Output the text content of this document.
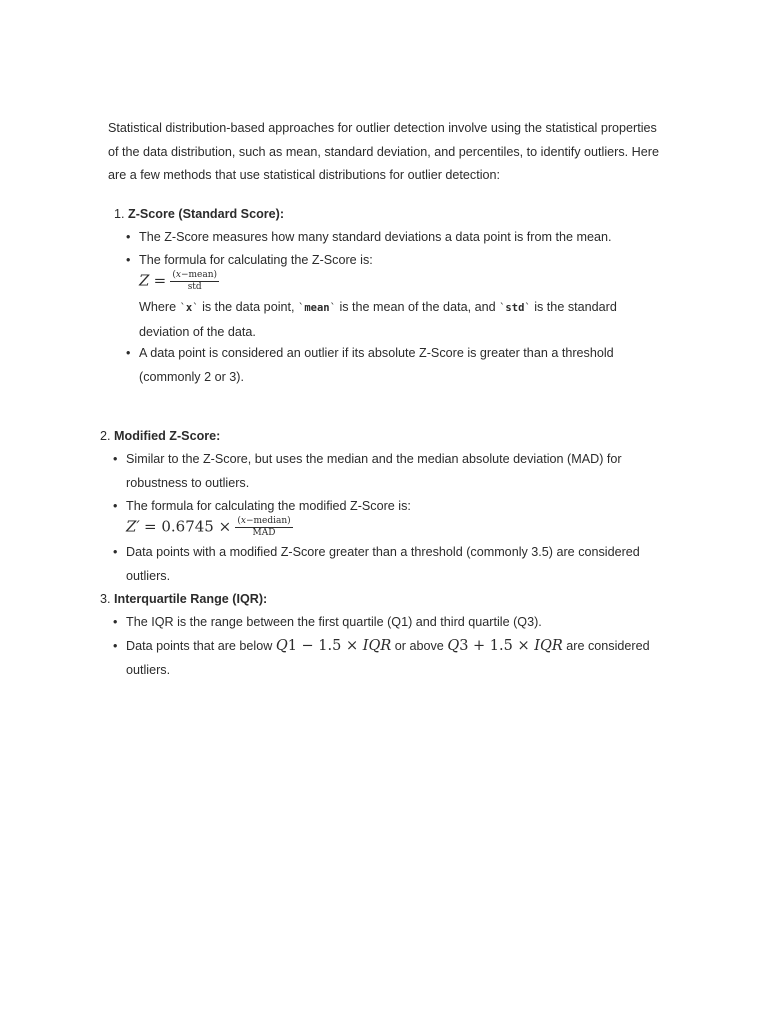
Statistical distribution-based approaches for outlier detection involve using the statistical properties of the data distribution, such as mean, standard deviation, and percentiles, to identify outliers. Here are a few methods that use statistical distributions for outlier detection:

1. Z-Score (Standard Score):
• The Z-Score measures how many standard deviations a data point is from the mean.
• The formula for calculating the Z-Score is:
$Z = \frac{\text{(x−mean)}}{\text{std}}$
Where `x` is the data point, `mean` is the mean of the data, and `std` is the standard deviation of the data.
• A data point is considered an outlier if its absolute Z-Score is greater than a threshold (commonly 2 or 3).
2. Modified Z-Score:
• Similar to the Z-Score, but uses the median and the median absolute deviation (MAD) for robustness to outliers.
• The formula for calculating the modified Z-Score is:
$Z' = 0.6745 \times \frac{\text{(x−median)}}{\text{MAD}}$
• Data points with a modified Z-Score greater than a threshold (commonly 3.5) are considered outliers.
3. Interquartile Range (IQR):
• The IQR is the range between the first quartile (Q1) and third quartile (Q3).
• Data points that are below Q1 − 1.5 × IQR or above Q3 + 1.5 × IQR are considered outliers.
